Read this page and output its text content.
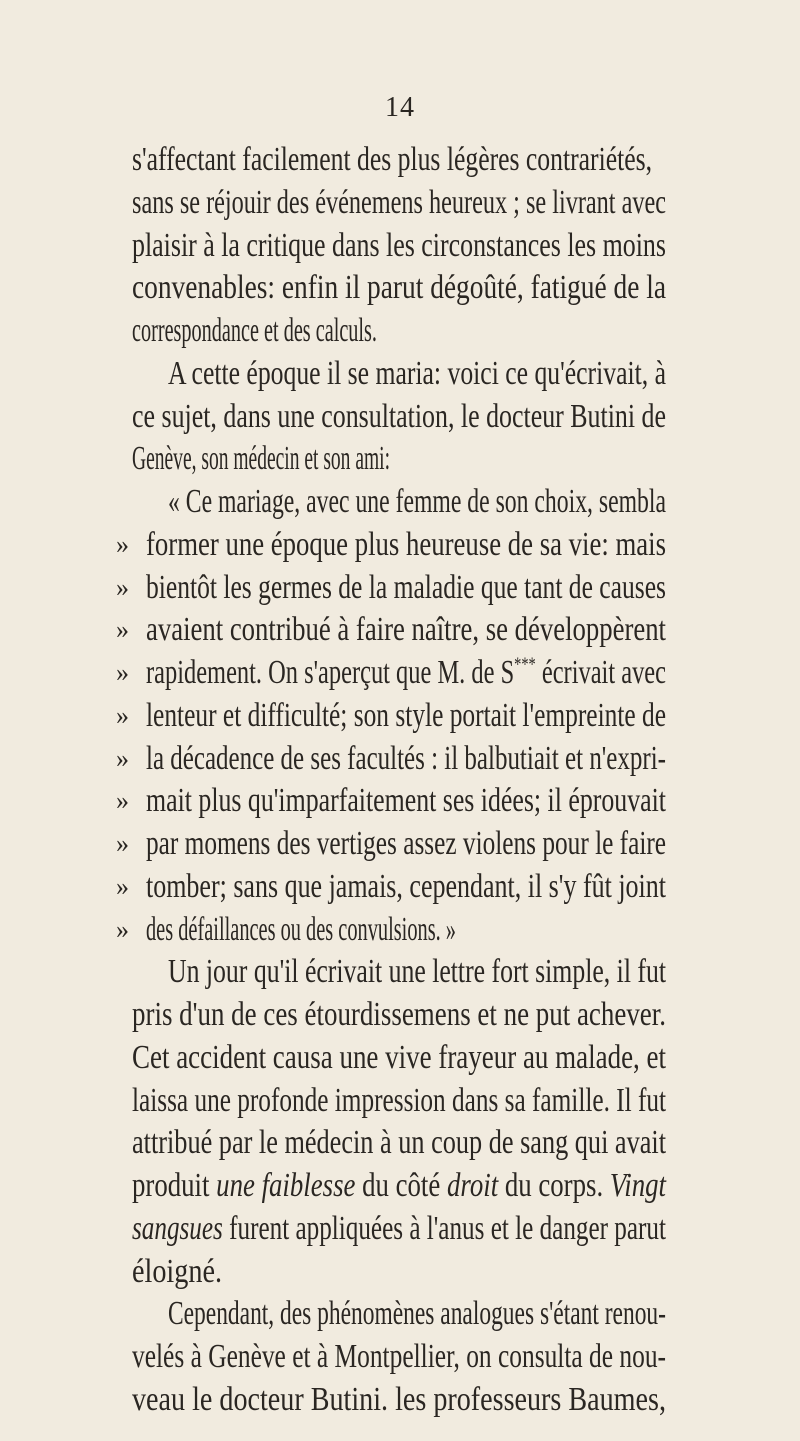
14
s'affectant facilement des plus légères contrariétés,
sans se réjouir des événemens heureux ; se livrant avec
plaisir à la critique dans les circonstances les moins
convenables: enfin il parut dégoûté, fatigué de la
correspondance et des calculs.
A cette époque il se maria: voici ce qu'écrivait, à
ce sujet, dans une consultation, le docteur Butini de
Genève, son médecin et son ami:
« Ce mariage, avec une femme de son choix, sembla
» former une époque plus heureuse de sa vie: mais
» bientôt les germes de la maladie que tant de causes
» avaient contribué à faire naître, se développèrent
» rapidement. On s'aperçut que M. de S*** écrivait avec
» lenteur et difficulté; son style portait l'empreinte de
» la décadence de ses facultés : il balbutiait et n'expri-
» mait plus qu'imparfaitement ses idées; il éprouvait
» par momens des vertiges assez violens pour le faire
» tomber; sans que jamais, cependant, il s'y fût joint
» des défaillances ou des convulsions. »
Un jour qu'il écrivait une lettre fort simple, il fut
pris d'un de ces étourdissemens et ne put achever.
Cet accident causa une vive frayeur au malade, et
laissa une profonde impression dans sa famille. Il fut
attribué par le médecin à un coup de sang qui avait
produit une faiblesse du côté droit du corps. Vingt
sangsues furent appliquées à l'anus et le danger parut
éloigné.
Cependant, des phénomènes analogues s'étant renou-
velés à Genève et à Montpellier, on consulta de nou-
veau le docteur Butini. les professeurs Baumes,
